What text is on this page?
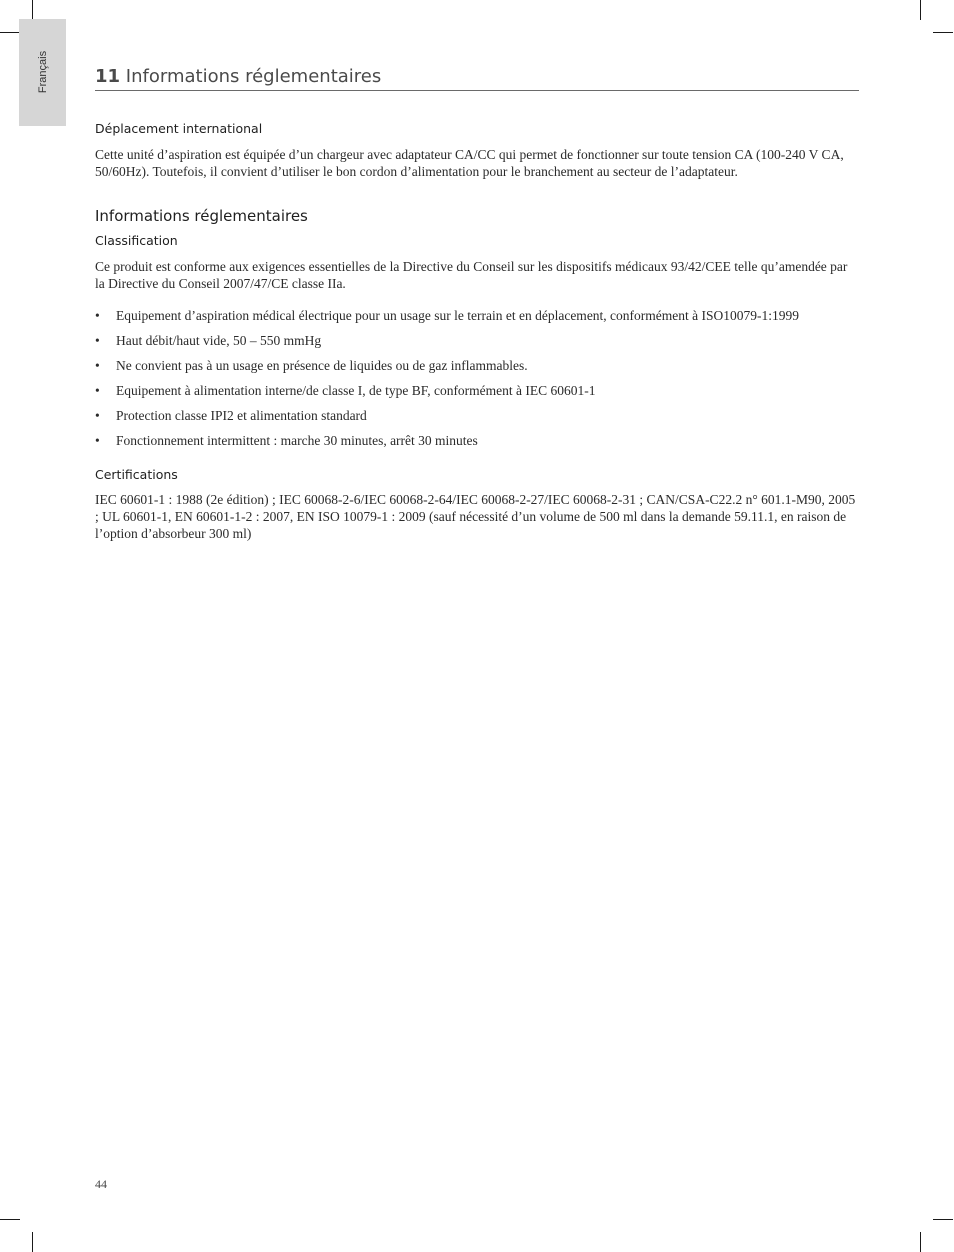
Français	11 Informations réglementaires

Déplacement international

Cette unité d’aspiration est équipée d’un chargeur avec adaptateur CA/CC qui permet de fonctionner sur toute tension CA (100-240 V CA, 50/60Hz). Toutefois, il convient d’utiliser le bon cordon d’alimentation pour le branchement au secteur de l’adaptateur.

Informations réglementaires

Classification

Ce produit est conforme aux exigences essentielles de la Directive du Conseil sur les dispositifs médicaux 93/42/CEE telle qu’amendée par la Directive du Conseil 2007/47/CE classe IIa.

• Equipement d’aspiration médical électrique pour un usage sur le terrain et en déplacement, conformément à ISO10079-1:1999
• Haut débit/haut vide, 50 – 550 mmHg
• Ne convient pas à un usage en présence de liquides ou de gaz inflammables.
• Equipement à alimentation interne/de classe I, de type BF, conformément à IEC 60601-1
• Protection classe IPI2 et alimentation standard
• Fonctionnement intermittent : marche 30 minutes, arrêt 30 minutes

Certifications

IEC 60601-1 : 1988 (2e édition) ; IEC 60068-2-6/IEC 60068-2-64/IEC 60068-2-27/IEC 60068-2-31 ; CAN/CSA-C22.2 n° 601.1-M90, 2005 ; UL 60601-1, EN 60601-1-2 : 2007, EN ISO 10079-1 : 2009 (sauf nécessité d’un volume de 500 ml dans la demande 59.11.1, en raison de l’option d’absorbeur 300 ml)

44
